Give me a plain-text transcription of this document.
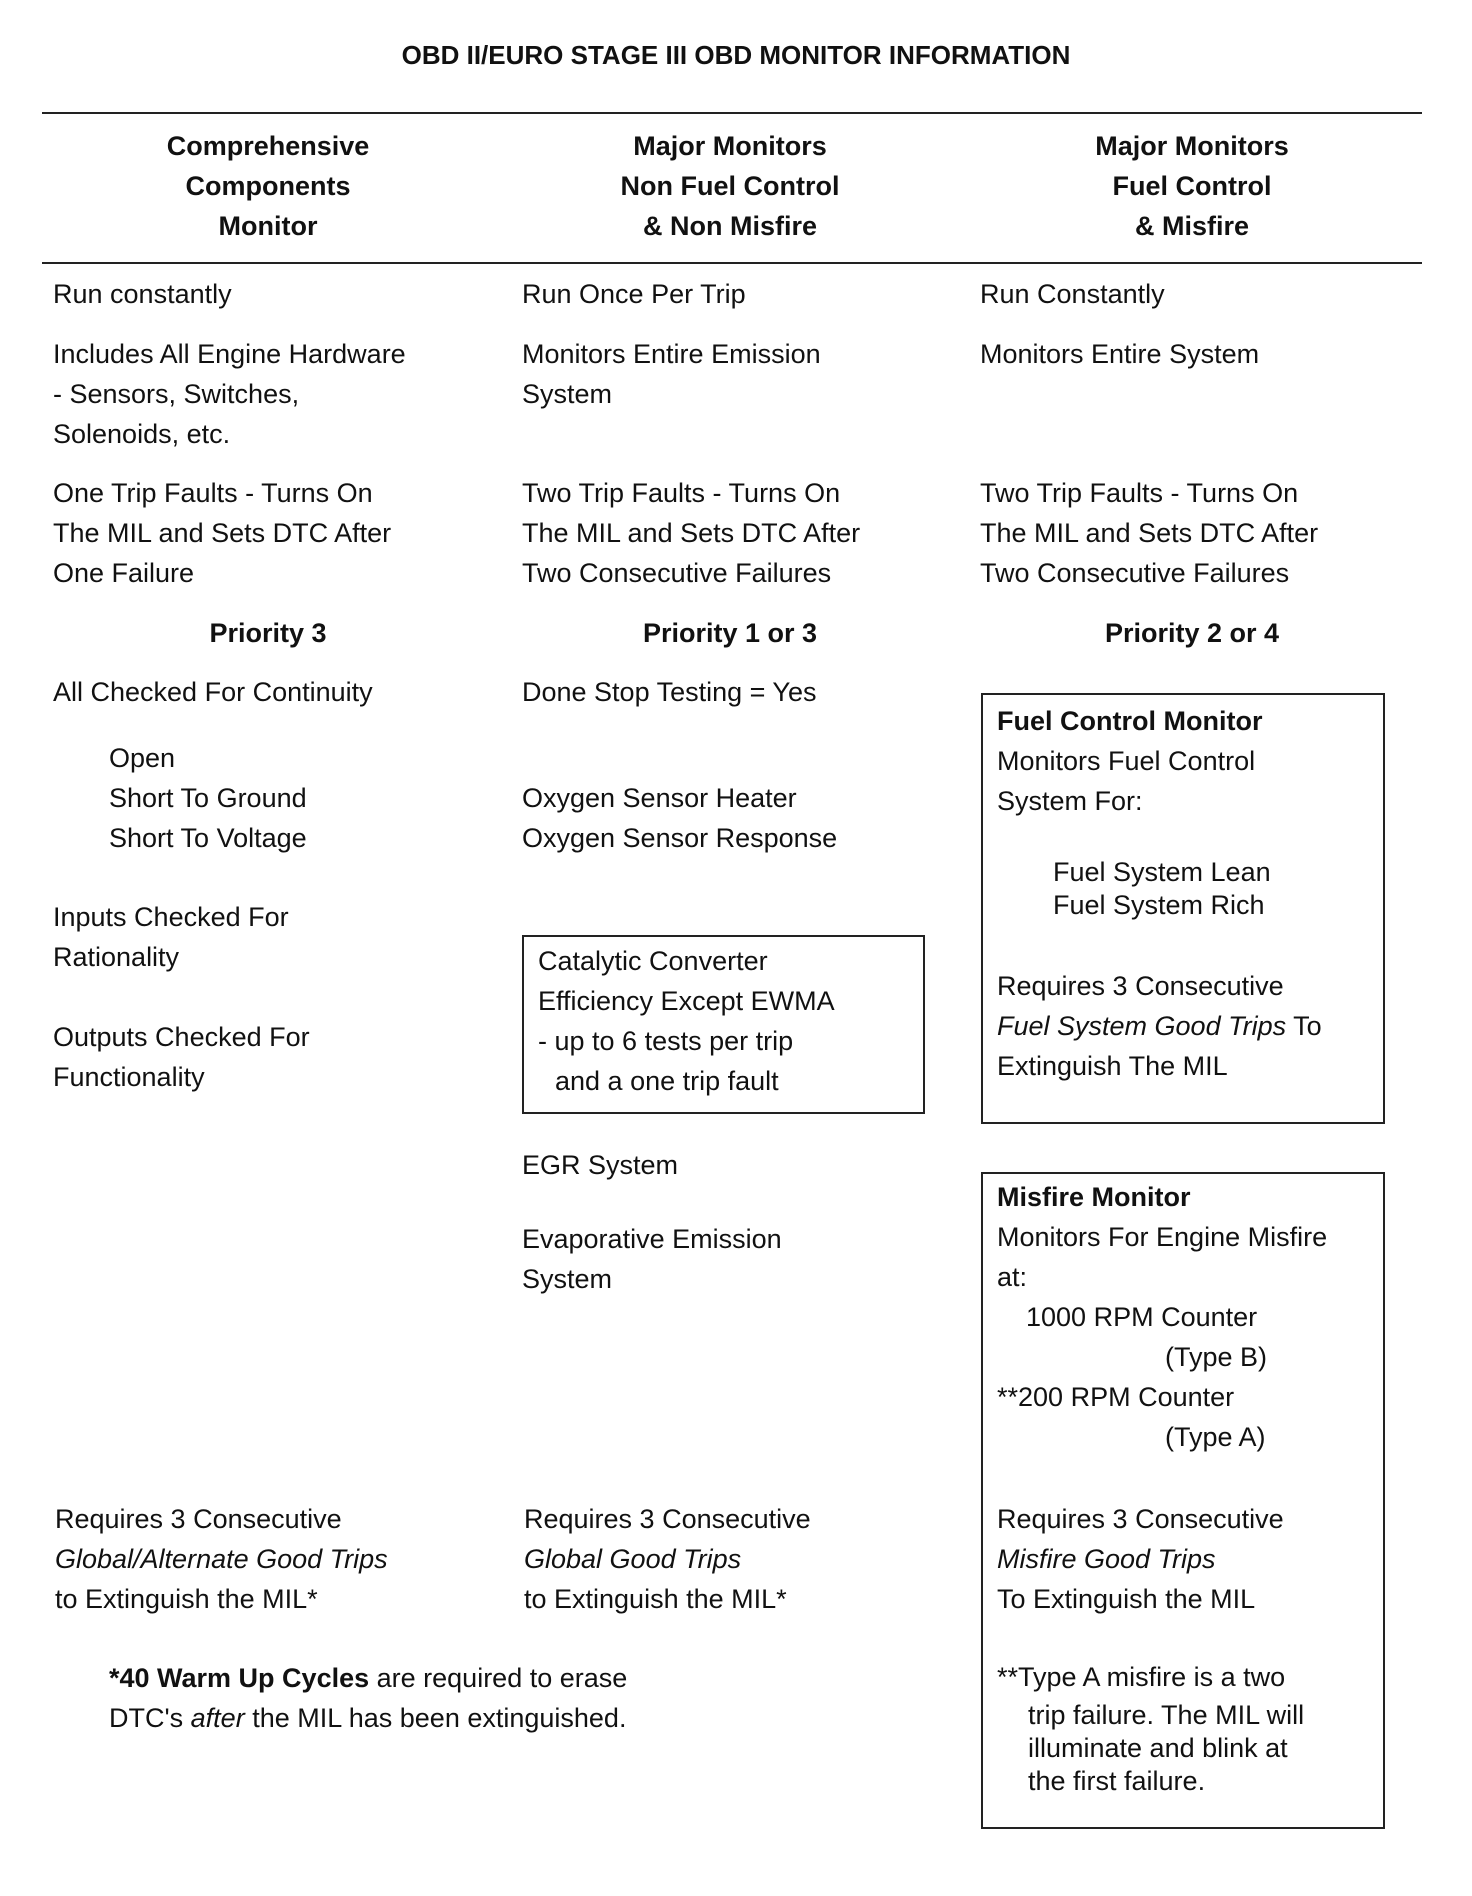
OBD II/EURO STAGE III OBD MONITOR INFORMATION
Comprehensive
Components
Monitor
Major Monitors
Non Fuel Control
& Non Misfire
Major Monitors
Fuel Control
& Misfire
Run constantly
Includes All Engine Hardware
- Sensors, Switches,
Solenoids, etc.
One Trip Faults - Turns On
The MIL and Sets DTC After
One Failure
Priority 3
All Checked For Continuity
Open
Short To Ground
Short To Voltage
Inputs Checked For
Rationality
Outputs Checked For
Functionality
Requires 3 Consecutive
Global/Alternate Good Trips
to Extinguish the MIL*
Run Once Per Trip
Monitors Entire Emission
System
Two Trip Faults - Turns On
The MIL and Sets DTC After
Two Consecutive Failures
Priority 1 or 3
Done Stop Testing = Yes
Oxygen Sensor Heater
Oxygen Sensor Response
Catalytic Converter
Efficiency Except EWMA
- up to 6 tests per trip
and a one trip fault
EGR System
Evaporative Emission
System
Requires 3 Consecutive
Global Good Trips
to Extinguish the MIL*
Run Constantly
Monitors Entire System
Two Trip Faults - Turns On
The MIL and Sets DTC After
Two Consecutive Failures
Priority 2 or 4
Fuel Control Monitor
Monitors Fuel Control
System For:
Fuel System Lean
Fuel System Rich
Requires 3 Consecutive
Fuel System Good Trips To
Extinguish The MIL
Misfire Monitor
Monitors For Engine Misfire
at:
1000 RPM Counter
(Type B)
**200 RPM Counter
(Type A)
Requires 3 Consecutive
Misfire Good Trips
To Extinguish the MIL
**Type A misfire is a two
trip failure. The MIL will
illuminate and blink at
the first failure.
*40 Warm Up Cycles are required to erase
DTC's after the MIL has been extinguished.
